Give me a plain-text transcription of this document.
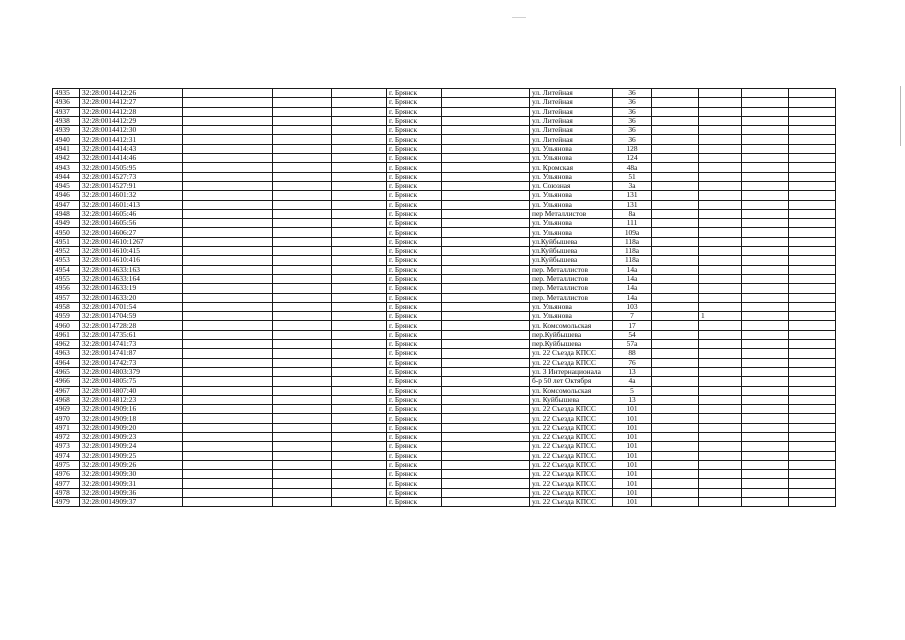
4935	32:28:0014412:26				г. Брянск		ул. Литейная	36				
4936	32:28:0014412:27				г. Брянск		ул. Литейная	36				
4937	32:28:0014412:28				г. Брянск		ул. Литейная	36				
4938	32:28:0014412:29				г. Брянск		ул. Литейная	36				
4939	32:28:0014412:30				г. Брянск		ул. Литейная	36				
4940	32:28:0014412:31				г. Брянск		ул. Литейная	36				
4941	32:28:0014414:43				г. Брянск		ул. Ульянова	128				
4942	32:28:0014414:46				г. Брянск		ул. Ульянова	124				
4943	32:28:0014505:95				г. Брянск		ул. Кромская	48а				
4944	32:28:0014527:73				г. Брянск		ул. Ульянова	51				
4945	32:28:0014527:91				г. Брянск		ул. Союзная	3а				
4946	32:28:0014601:32				г. Брянск		ул. Ульянова	131				
4947	32:28:0014601:413				г. Брянск		ул. Ульянова	131				
4948	32:28:0014605:46				г. Брянск		пер Металлистов	8а				
4949	32:28:0014605:56				г. Брянск		ул. Ульянова	111				
4950	32:28:0014606:27				г. Брянск		ул. Ульянова	109а				
4951	32:28:0014610:1267				г. Брянск		ул.Куйбышева	118а				
4952	32:28:0014610:415				г. Брянск		ул.Куйбышева	118а				
4953	32:28:0014610:416				г. Брянск		ул.Куйбышева	118а				
4954	32:28:0014633:163				г. Брянск		пер. Металлистов	14а				
4955	32:28:0014633:164				г. Брянск		пер. Металлистов	14а				
4956	32:28:0014633:19				г. Брянск		пер. Металлистов	14а				
4957	32:28:0014633:20				г. Брянск		пер. Металлистов	14а				
4958	32:28:0014701:54				г. Брянск		ул. Ульянова	103				
4959	32:28:0014704:59				г. Брянск		ул. Ульянова	7		1		
4960	32:28:0014728:28				г. Брянск		ул. Комсомольская	17				
4961	32:28:0014735:61				г. Брянск		пер.Куйбышева	54				
4962	32:28:0014741:73				г. Брянск		пер.Куйбышева	57а				
4963	32:28:0014741:87				г. Брянск		ул. 22 Съезда КПСС	88				
4964	32:28:0014742:73				г. Брянск		ул. 22 Съезда КПСС	76				
4965	32:28:0014803:379				г. Брянск		ул. 3 Интернационала	13				
4966	32:28:0014805:75				г. Брянск		б-р 50 лет Октября	4а				
4967	32:28:0014807:40				г. Брянск		ул. Комсомольская	5				
4968	32:28:0014812:23				г. Брянск		ул. Куйбышева	13				
4969	32:28:0014909:16				г. Брянск		ул. 22 Съезда КПСС	101				
4970	32:28:0014909:18				г. Брянск		ул. 22 Съезда КПСС	101				
4971	32:28:0014909:20				г. Брянск		ул. 22 Съезда КПСС	101				
4972	32:28:0014909:23				г. Брянск		ул. 22 Съезда КПСС	101				
4973	32:28:0014909:24				г. Брянск		ул. 22 Съезда КПСС	101				
4974	32:28:0014909:25				г. Брянск		ул. 22 Съезда КПСС	101				
4975	32:28:0014909:26				г. Брянск		ул. 22 Съезда КПСС	101				
4976	32:28:0014909:30				г. Брянск		ул. 22 Съезда КПСС	101				
4977	32:28:0014909:31				г. Брянск		ул. 22 Съезда КПСС	101				
4978	32:28:0014909:36				г. Брянск		ул. 22 Съезда КПСС	101				
4979	32:28:0014909:37				г. Брянск		ул. 22 Съезда КПСС	101				
